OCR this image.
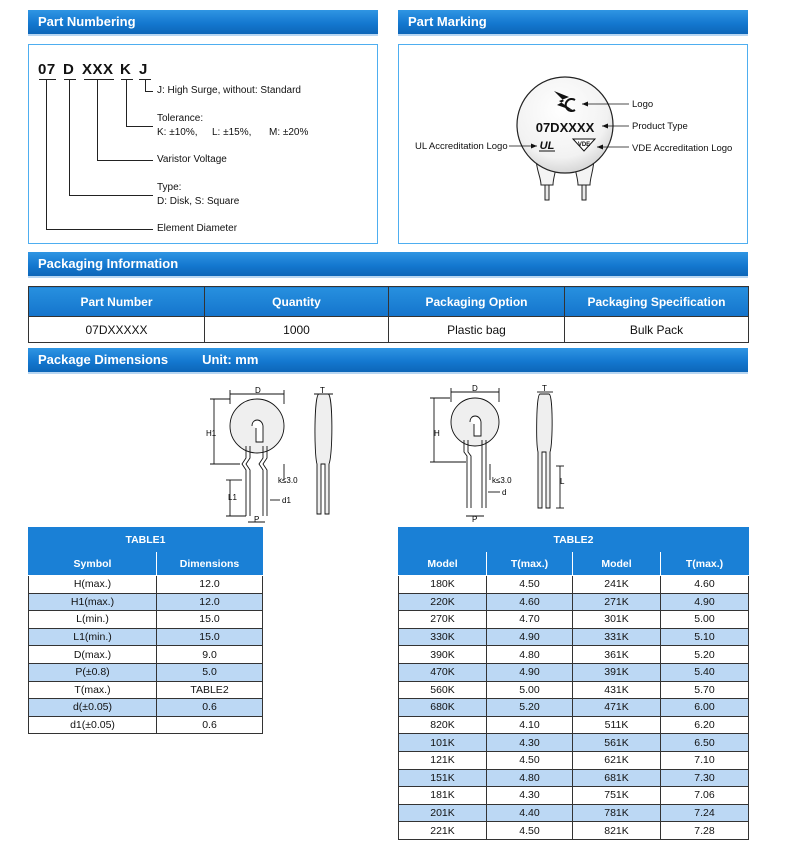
Part Numbering	Part Marking
Packaging Information
Package Dimensions	Unit: mm
07 D XXX K J
J: High Surge, without: Standard
Tolerance:
K: ±10%, L: ±15%, M: ±20%
Varistor Voltage
Type:
D: Disk, S: Square
Element Diameter
07DXXXX
UL	VDE
Logo
Product Type
UL Accreditation Logo	VDE Accreditation Logo
Part Number	Quantity	Packaging Option	Packaging Specification
07DXXXXX	1000	Plastic bag	Bulk Pack
D	T
H1
L1
k≤3.0
d1
P
D	T
H
L
k≤3.0
d
P
TABLE1	
Symbol	Dimensions
H(max.)	12.0
H1(max.)	12.0
L(min.)	15.0
L1(min.)	15.0
D(max.)	9.0
P(±0.8)	5.0
T(max.)	TABLE2
d(±0.05)	0.6
d1(±0.05)	0.6
TABLE2			
Model	T(max.)	Model	T(max.)
180K	4.50	241K	4.60
220K	4.60	271K	4.90
270K	4.70	301K	5.00
330K	4.90	331K	5.10
390K	4.80	361K	5.20
470K	4.90	391K	5.40
560K	5.00	431K	5.70
680K	5.20	471K	6.00
820K	4.10	511K	6.20
101K	4.30	561K	6.50
121K	4.50	621K	7.10
151K	4.80	681K	7.30
181K	4.30	751K	7.06
201K	4.40	781K	7.24
221K	4.50	821K	7.28
